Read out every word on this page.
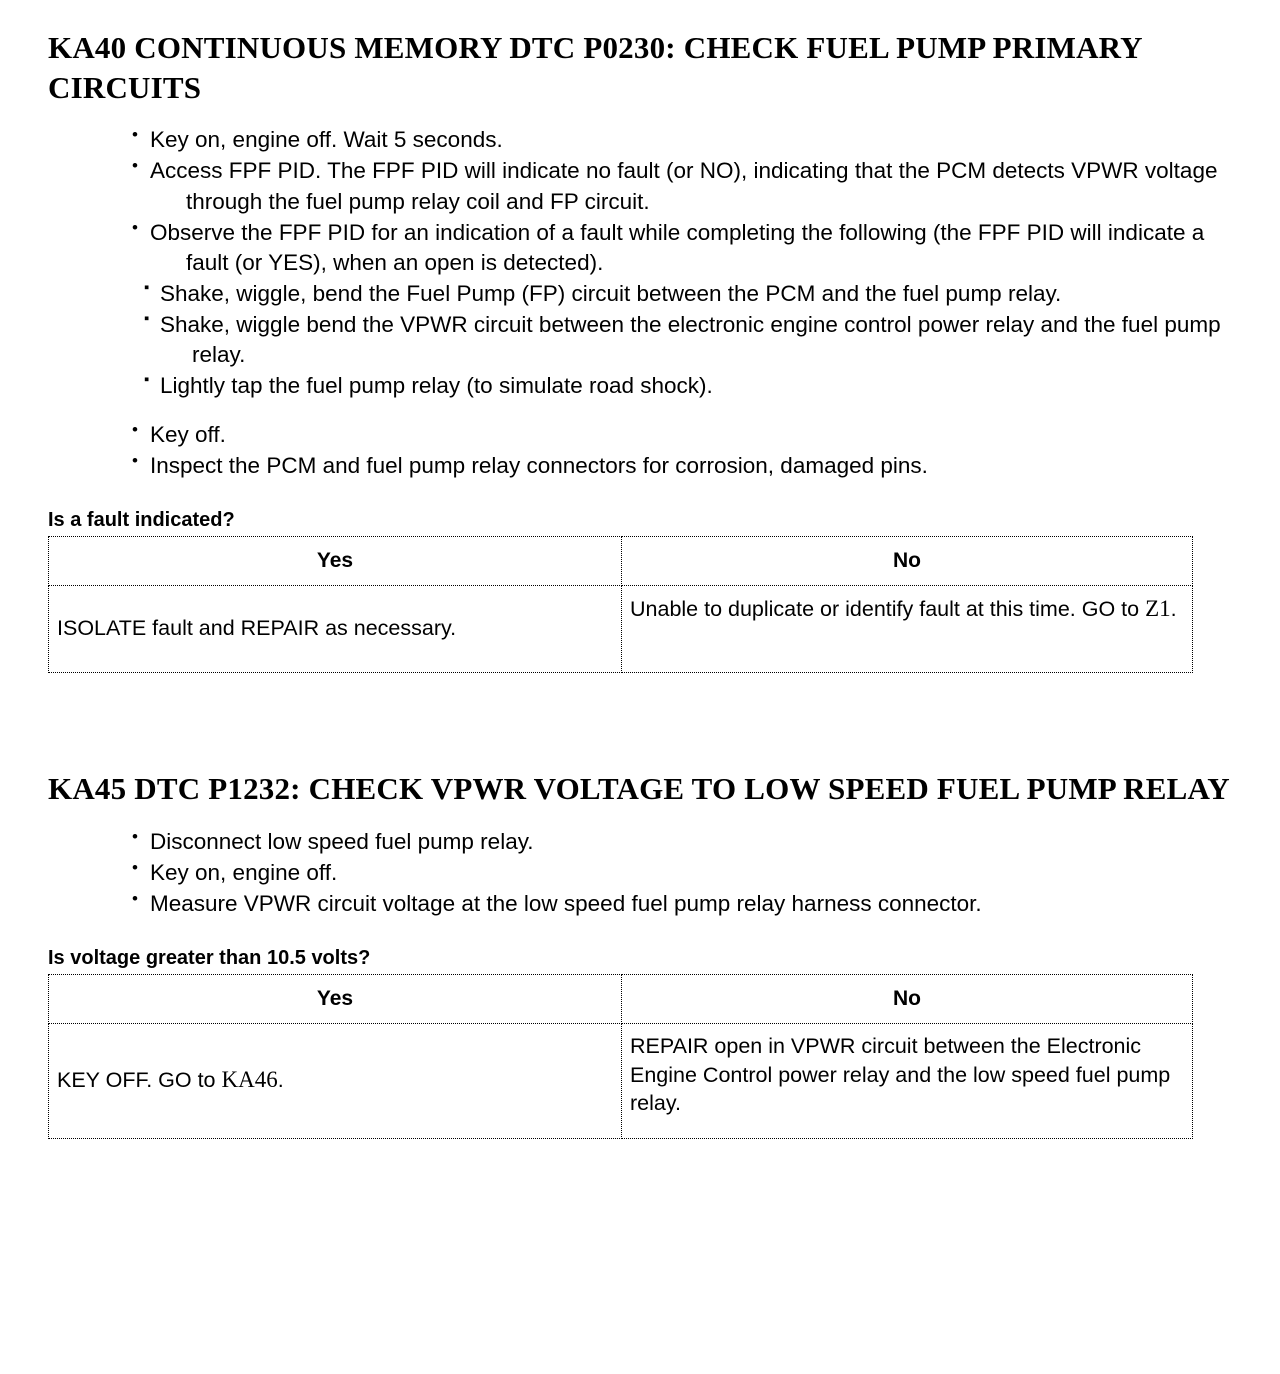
KA40 CONTINUOUS MEMORY DTC P0230: CHECK FUEL PUMP PRIMARY CIRCUITS
• Key on, engine off. Wait 5 seconds.
• Access FPF PID. The FPF PID will indicate no fault (or NO), indicating that the PCM detects VPWR voltage through the fuel pump relay coil and FP circuit.
• Observe the FPF PID for an indication of a fault while completing the following (the FPF PID will indicate a fault (or YES), when an open is detected).
▪ Shake, wiggle, bend the Fuel Pump (FP) circuit between the PCM and the fuel pump relay.
▪ Shake, wiggle bend the VPWR circuit between the electronic engine control power relay and the fuel pump relay.
▪ Lightly tap the fuel pump relay (to simulate road shock).
• Key off.
• Inspect the PCM and fuel pump relay connectors for corrosion, damaged pins.
Is a fault indicated?
Yes	No
ISOLATE fault and REPAIR as necessary.	Unable to duplicate or identify fault at this time. GO to Z1.
KA45 DTC P1232: CHECK VPWR VOLTAGE TO LOW SPEED FUEL PUMP RELAY
• Disconnect low speed fuel pump relay.
• Key on, engine off.
• Measure VPWR circuit voltage at the low speed fuel pump relay harness connector.
Is voltage greater than 10.5 volts?
Yes	No
KEY OFF. GO to KA46.	REPAIR open in VPWR circuit between the Electronic Engine Control power relay and the low speed fuel pump relay.
